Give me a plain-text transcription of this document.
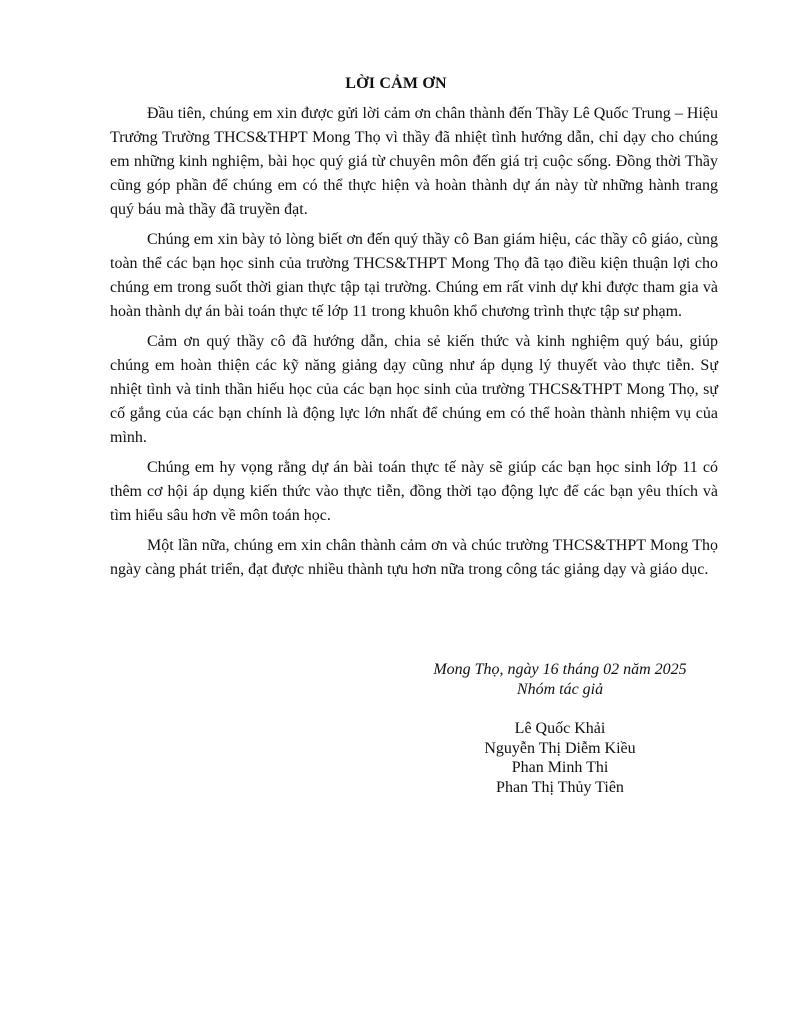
LỜI CẢM ƠN

Đầu tiên, chúng em xin được gửi lời cảm ơn chân thành đến Thầy Lê Quốc Trung – Hiệu Trưởng Trường THCS&THPT Mong Thọ vì thầy đã nhiệt tình hướng dẫn, chỉ dạy cho chúng em những kinh nghiệm, bài học quý giá từ chuyên môn đến giá trị cuộc sống. Đồng thời Thầy cũng góp phần để chúng em có thể thực hiện và hoàn thành dự án này từ những hành trang quý báu mà thầy đã truyền đạt.

Chúng em xin bày tỏ lòng biết ơn đến quý thầy cô Ban giám hiệu, các thầy cô giáo, cùng toàn thể các bạn học sinh của trường THCS&THPT Mong Thọ đã tạo điều kiện thuận lợi cho chúng em trong suốt thời gian thực tập tại trường. Chúng em rất vinh dự khi được tham gia và hoàn thành dự án bài toán thực tế lớp 11 trong khuôn khổ chương trình thực tập sư phạm.

Cảm ơn quý thầy cô đã hướng dẫn, chia sẻ kiến thức và kinh nghiệm quý báu, giúp chúng em hoàn thiện các kỹ năng giảng dạy cũng như áp dụng lý thuyết vào thực tiễn. Sự nhiệt tình và tinh thần hiếu học của các bạn học sinh của trường THCS&THPT Mong Thọ, sự cố gắng của các bạn chính là động lực lớn nhất để chúng em có thể hoàn thành nhiệm vụ của mình.

Chúng em hy vọng rằng dự án bài toán thực tế này sẽ giúp các bạn học sinh lớp 11 có thêm cơ hội áp dụng kiến thức vào thực tiễn, đồng thời tạo động lực để các bạn yêu thích và tìm hiểu sâu hơn về môn toán học.

Một lần nữa, chúng em xin chân thành cảm ơn và chúc trường THCS&THPT Mong Thọ ngày càng phát triển, đạt được nhiều thành tựu hơn nữa trong công tác giảng dạy và giáo dục.

Mong Thọ, ngày 16 tháng 02 năm 2025
Nhóm tác giả
Lê Quốc Khải
Nguyễn Thị Diễm Kiều
Phan Minh Thi
Phan Thị Thủy Tiên
